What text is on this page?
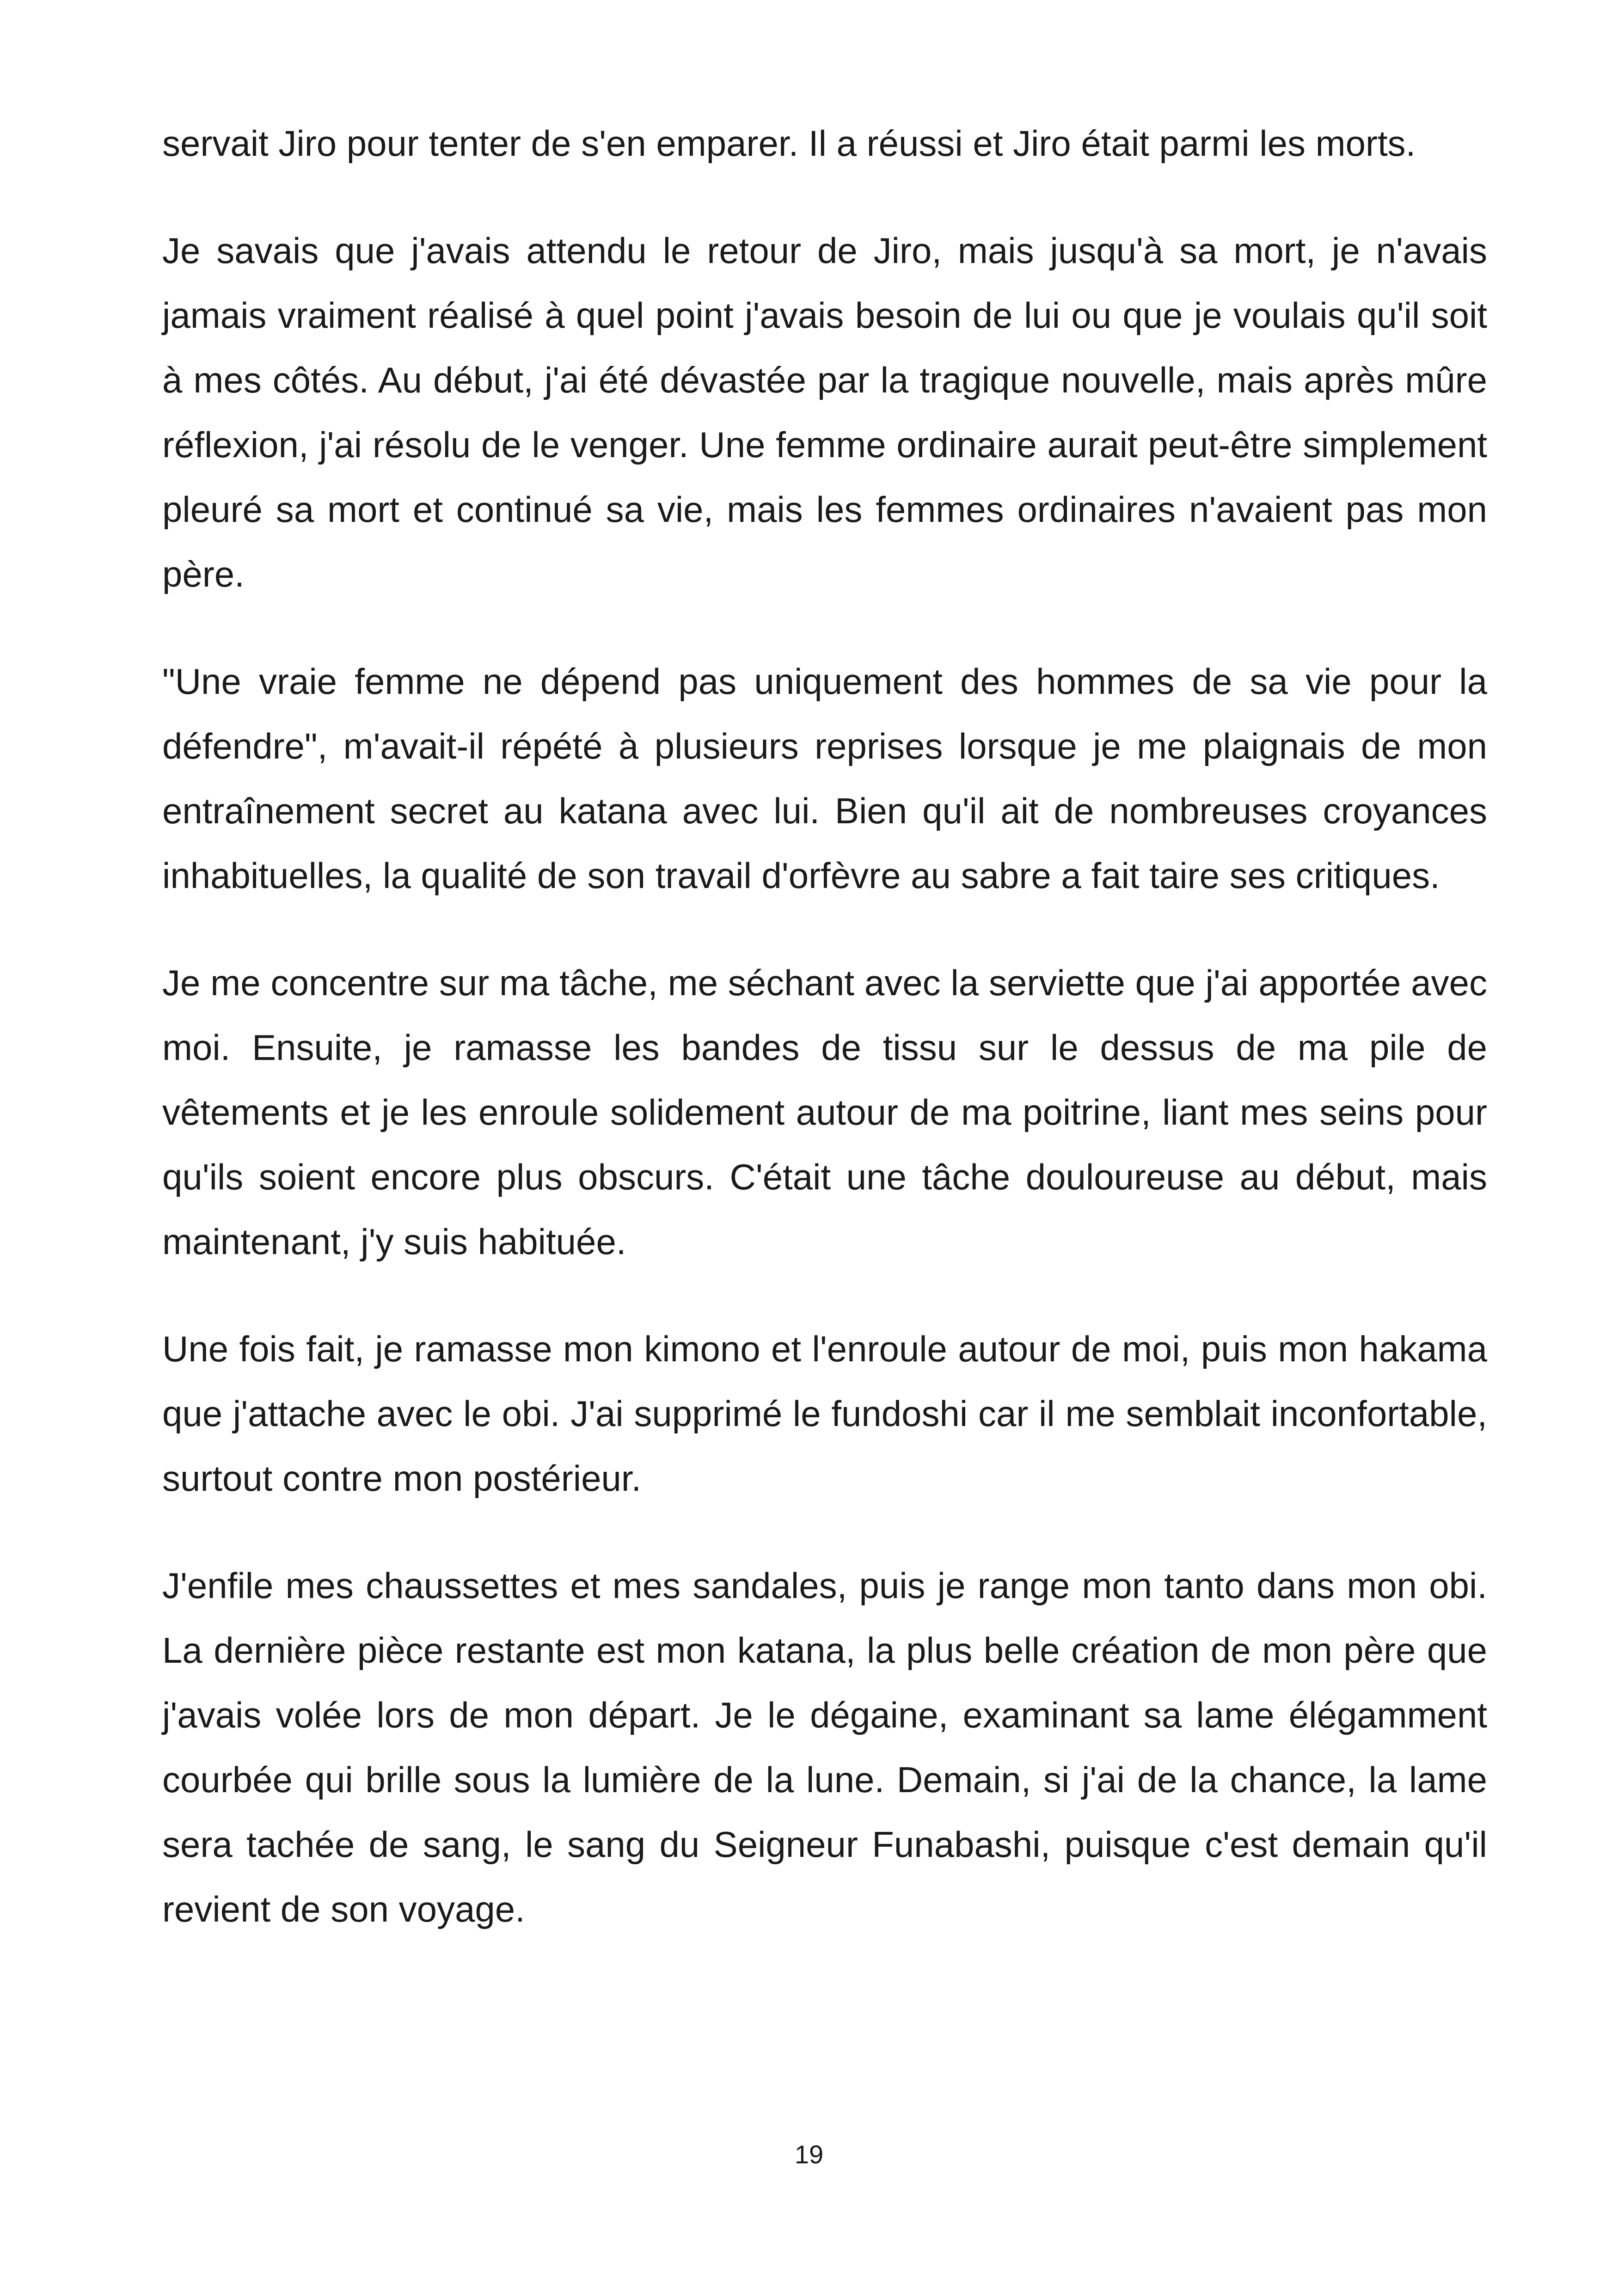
servait Jiro pour tenter de s'en emparer. Il a réussi et Jiro était parmi les morts.

Je savais que j'avais attendu le retour de Jiro, mais jusqu'à sa mort, je n'avais jamais vraiment réalisé à quel point j'avais besoin de lui ou que je voulais qu'il soit à mes côtés. Au début, j'ai été dévastée par la tragique nouvelle, mais après mûre réflexion, j'ai résolu de le venger. Une femme ordinaire aurait peut-être simplement pleuré sa mort et continué sa vie, mais les femmes ordinaires n'avaient pas mon père.

"Une vraie femme ne dépend pas uniquement des hommes de sa vie pour la défendre", m'avait-il répété à plusieurs reprises lorsque je me plaignais de mon entraînement secret au katana avec lui. Bien qu'il ait de nombreuses croyances inhabituelles, la qualité de son travail d'orfèvre au sabre a fait taire ses critiques.

Je me concentre sur ma tâche, me séchant avec la serviette que j'ai apportée avec moi. Ensuite, je ramasse les bandes de tissu sur le dessus de ma pile de vêtements et je les enroule solidement autour de ma poitrine, liant mes seins pour qu'ils soient encore plus obscurs. C'était une tâche douloureuse au début, mais maintenant, j'y suis habituée.

Une fois fait, je ramasse mon kimono et l'enroule autour de moi, puis mon hakama que j'attache avec le obi. J'ai supprimé le fundoshi car il me semblait inconfortable, surtout contre mon postérieur.

J'enfile mes chaussettes et mes sandales, puis je range mon tanto dans mon obi. La dernière pièce restante est mon katana, la plus belle création de mon père que j'avais volée lors de mon départ. Je le dégaine, examinant sa lame élégamment courbée qui brille sous la lumière de la lune. Demain, si j'ai de la chance, la lame sera tachée de sang, le sang du Seigneur Funabashi, puisque c'est demain qu'il revient de son voyage.

19
